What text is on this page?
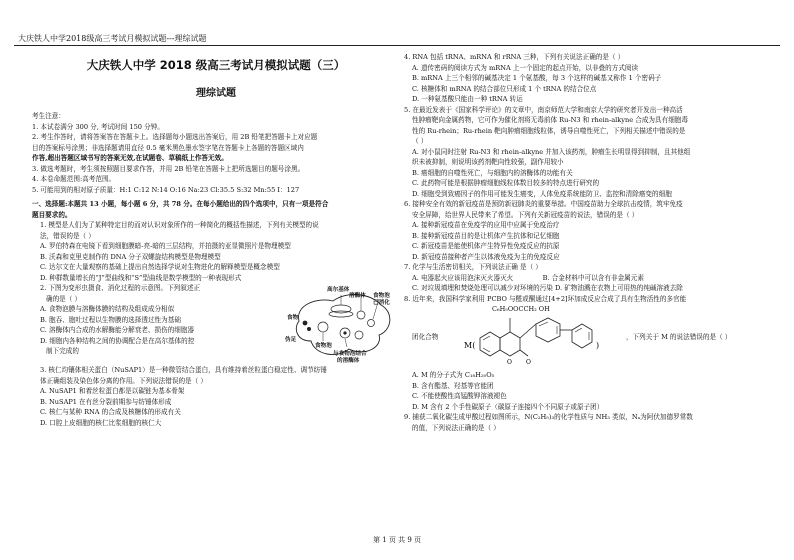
大庆铁人中学2018级高三考试月模拟试题---理综试题
大庆铁人中学 2018 级高三考试月模拟试题（三）
理综试题

考生注意：

1. 本试卷满分 300 分, 考试时间 150 分钟。

2. 考生作答时，请将答案答在答题卡上。选择题每小题选出答案后，用 2B 铅笔把答题卡上对应题

目的答案标号涂黑；非选择题请用直径 0.5 毫米黑色墨水签字笔在答题卡上各题的答题区域内

作答,超出答题区域书写的答案无效,在试题卷、草稿纸上作答无效。

3. 做选考题时，考生须按照题目要求作答，并用 2B 铅笔在答题卡上把所选题目的题号涂黑。

4. 本卷命题范围:高考范围。

5. 可能用到的相对原子质量：H:1 C:12 N:14 O:16 Na:23 Cl:35.5 S:32 Mn:55 I：127

一、选择题:本题共 13 小题，每小题 6 分，共 78 分。在每小题给出的四个选项中，只有一项是符合

题目要求的。

1. 模型是人们为了某种特定目的而对认识对象所作的一种简化的概括性描述，下列有关模型的说

法，错误的是（ ）

A. 罗伯特森在电镜下看到细胞膜暗-亮-暗的三层结构，并拍摄的亚显微照片是物理模型

B. 沃森和克里克制作的 DNA 分子双螺旋结构模型是物理模型

C. 达尔文在大量观察的基础上提出自然选择学说对生物进化的解释模型是概念模型

D. 种群数量增长的“J”型曲线和“S”型曲线是数学模型的一种表现形式

2. 下图为变形虫摄食、消化过程的示意图。下列叙述正

确的是（ ）

A. 食物泡膜与溶酶体膜的结构及组成成分相似

B. 胞吞、胞吐过程以生物膜的选择透过性为基础

C. 溶酶体内合成的水解酶能分解衰老、损伤的细胞器

D. 细胞内各种结构之间的协调配合是在高尔基体的控

制下完成的

高尔基体
溶酶体 食物泡
已消化
食物
伪足
食物泡
与食物泡结合
的溶酶体

3. 核仁均镶体相关蛋白（NuSAP1）是一种微管结合蛋白，具有维持着丝粒蛋白稳定性、调节纺锤

体正确组装及染色体分离的作用。下列说法错误的是（ ）

A. NuSAP1 和着丝粒蛋白都是以碳链为基本骨架

B. NuSAP1 在有丝分裂前期参与纺锤体形成

C. 核仁与某种 RNA 的合成及核糖体的形成有关

D. 口腔上皮细胞的核仁比浆细胞的核仁大

4. RNA 包括 tRNA、mRNA 和 rRNA 三种，下列有关说法正确的是（ ）

A. 遗传密码的阅读方式为 mRNA 上一个固定的起点开始，以非叠的方式阅读

B. mRNA 上三个相邻的碱基决定 1 个氨基酸，每 3 个这样的碱基又称作 1 个密码子

C. 核糖体和 mRNA 的结合部位只形成 1 个 tRNA 的结合位点

D. 一种氨基酸只能由一种 tRNA 转运

5. 在最近发表于《国家科学评论》的文章中，南京师范大学和南京大学的研究者开发出一种高活

性肿瘤靶向金属药物，它可作为催化剂将无毒前体 Ru-N3 和 rhein-alkyne 合成为具有细胞毒

性的 Ru-rhein；Ru-rhein 靶向肿瘤细胞线粒体，诱导自噬性死亡，下列相关描述中错误的是

（ ）

A. 对小鼠同时注射 Ru-N3 和 rhein-alkyne 并加入该药剂，肿瘤生长明显得到抑制，且其他组

织未被抑制，则说明该药剂靶向性较强，副作用较小

B. 癌细胞的自噬性死亡，与细胞内的溶酶体的功能有关

C. 此药物可能是根据肿瘤细胞线粒体数目较多的特点进行研究的

D. 细胞受到致癌因子的作用可能发生癌变，人体免疫系统能防卫、监控和清除癌变的细胞

6. 接种安全有效的新冠疫苗是预防新冠肺炎的重要举措。中国疫苗助力全球抗击疫情，筑牢免疫

安全屏障，给世界人民带来了希望。下列有关新冠疫苗的说法，错误的是（ ）

A. 接种新冠疫苗在免疫学的应用中应属于免疫治疗

B. 接种新冠疫苗目的是让机体产生抗体和记忆细胞

C. 新冠疫苗是能使机体产生特异性免疫反应的抗原

D. 新冠疫苗接种者产生以体液免疫为主的免疫反应

7. 化学与生活密切相关，下列说法正确 是（ ）

A. 电器起火应该用泡沫灭火器灭火              B. 合金材料中可以含有非金属元素

C. 对垃圾填埋和焚烧处理可以减少对环境的污染 D. 矿物油溅在衣物上可用热的纯碱溶液去除

8. 近年来，我国科学家利用 PCBO 与醛或酮通过[4+2]环加成反应合成了具有生物活性的多官能

团化合物
C₆H₅OOCCH₂ OH
M(
O O
)
，下列关于 M 的说法错误的是（ ）

A. M 的分子式为 C₁₈H₂₀O₅

B. 含有酯基、羟基等官能团

C. 不能使酸性高锰酸钾溶液褪色

D. M 含有 2 个手性碳原子（碳原子连接四个不同原子或原子团）

9. 捕获二氧化碳生成甲酸过程如图所示，N(C₂H₅)₃的化学性质与 NH₃ 类似，Nₐ为阿伏加德罗常数

的值，下列说法正确的是（ ）

第 1 页 共 9 页
